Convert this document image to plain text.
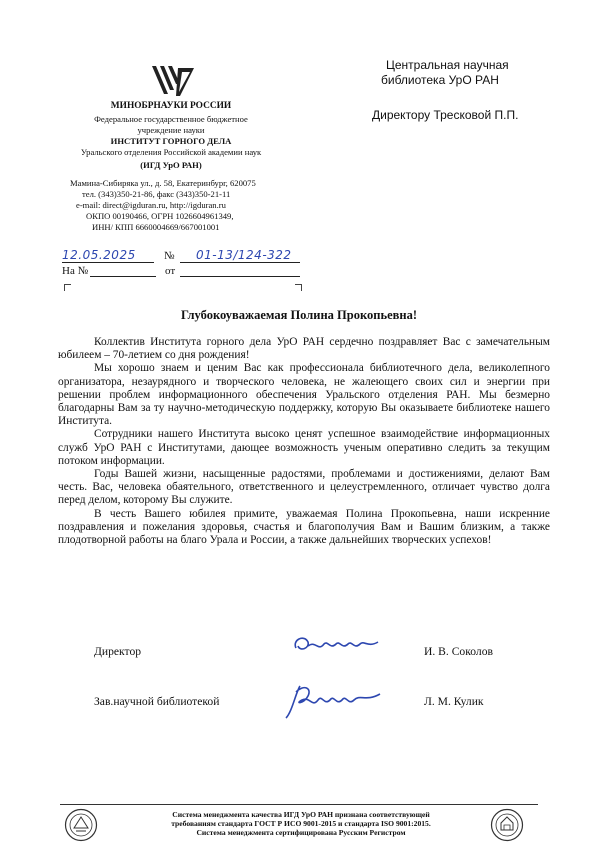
МИНОБРНАУКИ РОССИИ
Федеральное государственное бюджетное
учреждение науки
ИНСТИТУТ ГОРНОГО ДЕЛА
Уральского отделения Российской академии наук
(ИГД УрО РАН)
Мамина-Сибиряка ул., д. 58, Екатеринбург, 620075
тел. (343)350-21-86, факс (343)350-21-11
e-mail: direct@igduran.ru, http://igduran.ru
ОКПО 00190466, ОГРН 1026604961349,
ИНН/ КПП 6660004669/667001001
Центральная научная
библиотека УрО РАН
Директору Тресковой П.П.
12.05.2025	№ 01-13/124-322
На №	от
Глубокоуважаемая Полина Прокопьевна!

Коллектив Института горного дела УрО РАН сердечно поздравляет Вас с замечательным юбилеем – 70-летием со дня рождения!

Мы хорошо знаем и ценим Вас как профессионала библиотечного дела, великолепного организатора, незаурядного и творческого человека, не жалеющего своих сил и энергии при решении проблем информационного обеспечения Уральского отделения РАН. Мы безмерно благодарны Вам за ту научно-методическую поддержку, которую Вы оказываете библиотеке нашего Института.

Сотрудники нашего Института высоко ценят успешное взаимодействие информационных служб УрО РАН с Институтами, дающее возможность ученым оперативно следить за текущим потоком информации.

Годы Вашей жизни, насыщенные радостями, проблемами и достижениями, делают Вам честь. Вас, человека обаятельного, ответственного и целеустремленного, отличает чувство долга перед делом, которому Вы служите.

В честь Вашего юбилея примите, уважаемая Полина Прокопьевна, наши искренние поздравления и пожелания здоровья, счастья и благополучия Вам и Вашим близким, а также плодотворной работы на благо Урала и России, а также дальнейших творческих успехов!

Директор	И. В. Соколов
Зав.научной библиотекой	Л. М. Кулик
Система менеджмента качества ИГД УрО РАН признана соответствующей
требованиям стандарта ГОСТ Р ИСО 9001-2015 и стандарта ISO 9001:2015.
Система менеджмента сертифицирована Русским Регистром
